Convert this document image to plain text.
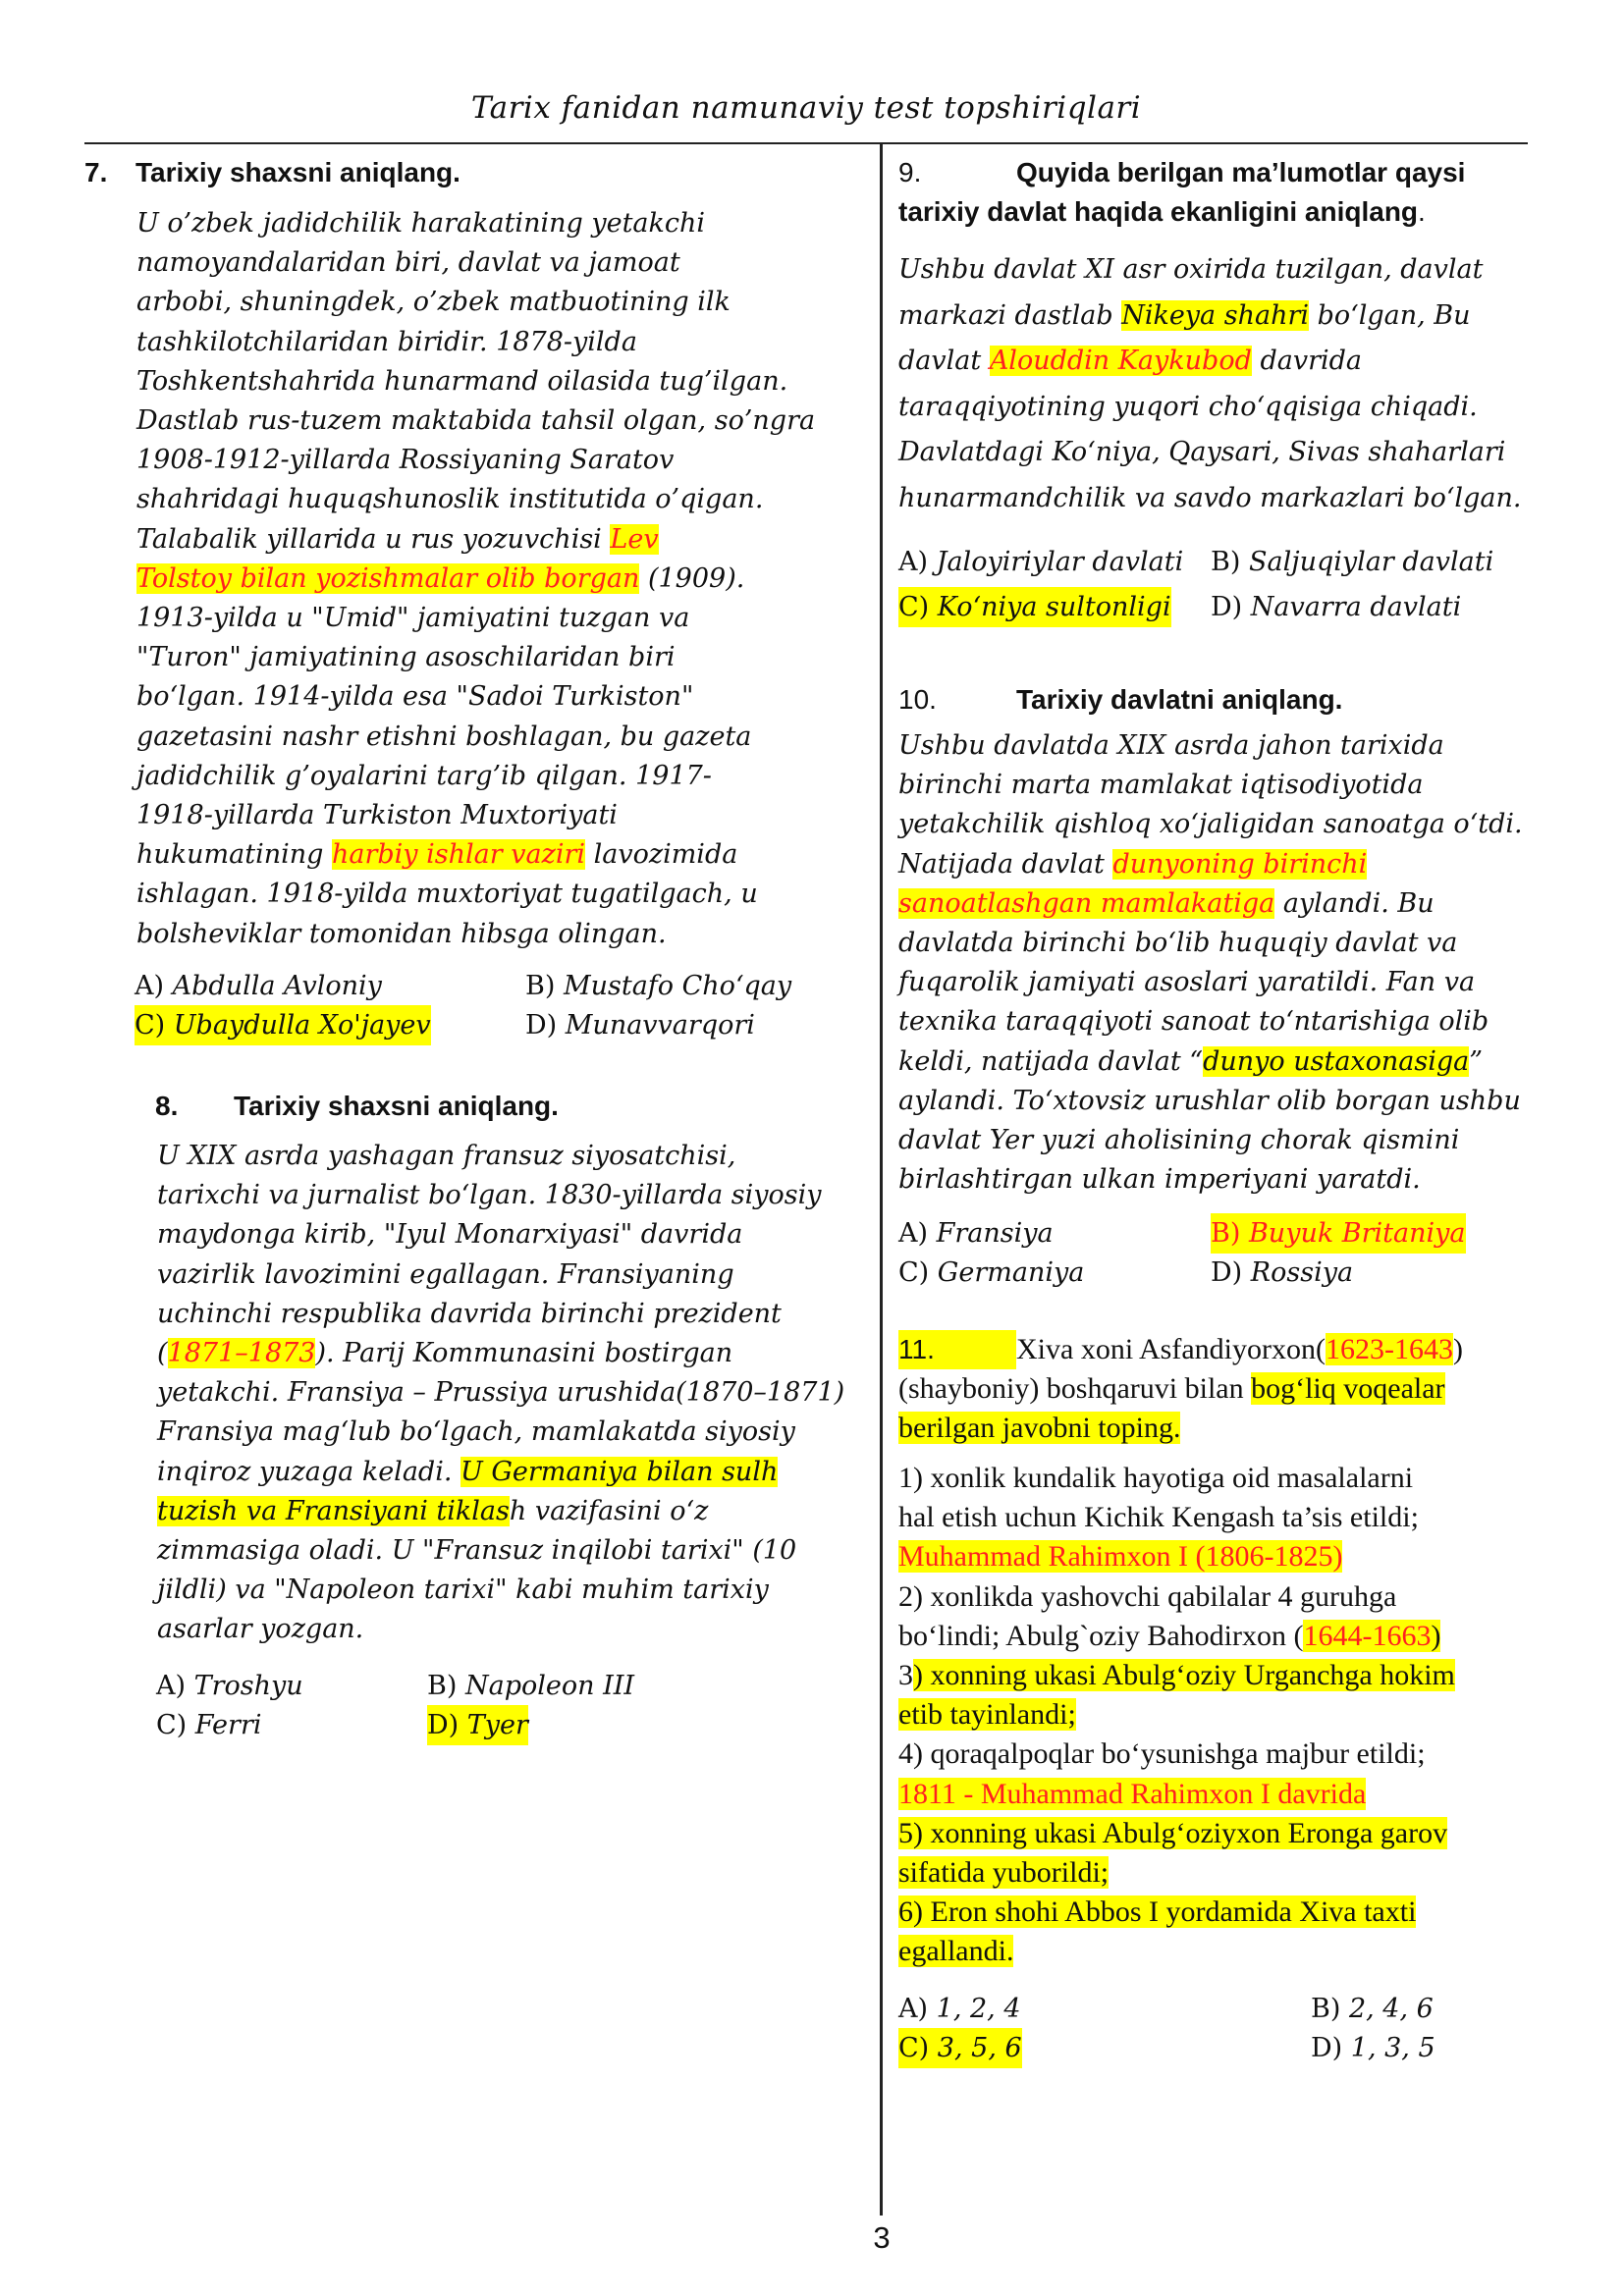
Tarix fanidan namunaviy test topshiriqlari
3
7. Tarixiy shaxsni aniqlang.
U o’zbek jadidchilik harakatining yetakchi
namoyandalaridan biri, davlat va jamoat
arbobi, shuningdek, o’zbek matbuotining ilk
tashkilotchilaridan biridir. 1878-yilda
Toshkentshahrida hunarmand oilasida tug’ilgan.
Dastlab rus-tuzem maktabida tahsil olgan, so’ngra
1908-1912-yillarda Rossiyaning Saratov
shahridagi huquqshunoslik institutida o’qigan.
Talabalik yillarida u rus yozuvchisi Lev
Tolstoy bilan yozishmalar olib borgan (1909).
1913-yilda u "Umid" jamiyatini tuzgan va
"Turon" jamiyatining asoschilaridan biri
bo‘lgan. 1914-yilda esa "Sadoi Turkiston"
gazetasini nashr etishni boshlagan, bu gazeta
jadidchilik g’oyalarini targ’ib qilgan. 1917-
1918-yillarda Turkiston Muxtoriyati
hukumatining harbiy ishlar vaziri lavozimida
ishlagan. 1918-yilda muxtoriyat tugatilgach, u
bolsheviklar tomonidan hibsga olingan.
A) Abdulla Avloniy	B) Mustafo Cho‘qay
C) Ubaydulla Xo'jayev	D) Munavvarqori
8. Tarixiy shaxsni aniqlang.
U XIX asrda yashagan fransuz siyosatchisi,
tarixchi va jurnalist bo‘lgan. 1830-yillarda siyosiy
maydonga kirib, "Iyul Monarxiyasi" davrida
vazirlik lavozimini egallagan. Fransiyaning
uchinchi respublika davrida birinchi prezident
(1871–1873). Parij Kommunasini bostirgan
yetakchi. Fransiya – Prussiya urushida(1870–1871)
Fransiya mag‘lub bo‘lgach, mamlakatda siyosiy
inqiroz yuzaga keladi. U Germaniya bilan sulh
tuzish va Fransiyani tiklash vazifasini o‘z
zimmasiga oladi. U "Fransuz inqilobi tarixi" (10
jildli) va "Napoleon tarixi" kabi muhim tarixiy
asarlar yozgan.
A) Troshyu	B) Napoleon III
C) Ferri	D) Tyer
9.	Quyida berilgan ma’lumotlar qaysi
tarixiy davlat haqida ekanligini aniqlang.
Ushbu davlat XI asr oxirida tuzilgan, davlat
markazi dastlab Nikeya shahri bo‘lgan, Bu
davlat Alouddin Kaykubod davrida
taraqqiyotining yuqori cho‘qqisiga chiqadi.
Davlatdagi Ko‘niya, Qaysari, Sivas shaharlari
hunarmandchilik va savdo markazlari bo‘lgan.
A) Jaloyiriylar davlati B) Saljuqiylar davlati
C) Ko‘niya sultonligi D) Navarra davlati
10.	Tarixiy davlatni aniqlang.
Ushbu davlatda XIX asrda jahon tarixida
birinchi marta mamlakat iqtisodiyotida
yetakchilik qishloq xo‘jaligidan sanoatga o‘tdi.
Natijada davlat dunyoning birinchi
sanoatlashgan mamlakatiga aylandi. Bu
davlatda birinchi bo‘lib huquqiy davlat va
fuqarolik jamiyati asoslari yaratildi. Fan va
texnika taraqqiyoti sanoat to‘ntarishiga olib
keldi, natijada davlat “dunyo ustaxonasiga”
aylandi. To‘xtovsiz urushlar olib borgan ushbu
davlat Yer yuzi aholisining chorak qismini
birlashtirgan ulkan imperiyani yaratdi.
A) Fransiya	B) Buyuk Britaniya
C) Germaniya	D) Rossiya
11.	Xiva xoni Asfandiyorxon(1623-1643)
(shayboniy) boshqaruvi bilan bog‘liq voqealar
berilgan javobni toping.
1) xonlik kundalik hayotiga oid masalalarni
hal etish uchun Kichik Kengash ta’sis etildi;
Muhammad Rahimxon I (1806-1825)
2) xonlikda yashovchi qabilalar 4 guruhga
bo‘lindi; Abulg`oziy Bahodirxon (1644-1663)
3) xonning ukasi Abulg‘oziy Urganchga hokim
etib tayinlandi;
4) qoraqalpoqlar bo‘ysunishga majbur etildi;
1811 - Muhammad Rahimxon I davrida
5) xonning ukasi Abulg‘oziyxon Eronga garov
sifatida yuborildi;
6) Eron shohi Abbos I yordamida Xiva taxti
egallandi.
A) 1, 2, 4	B) 2, 4, 6
C) 3, 5, 6	D) 1, 3, 5
